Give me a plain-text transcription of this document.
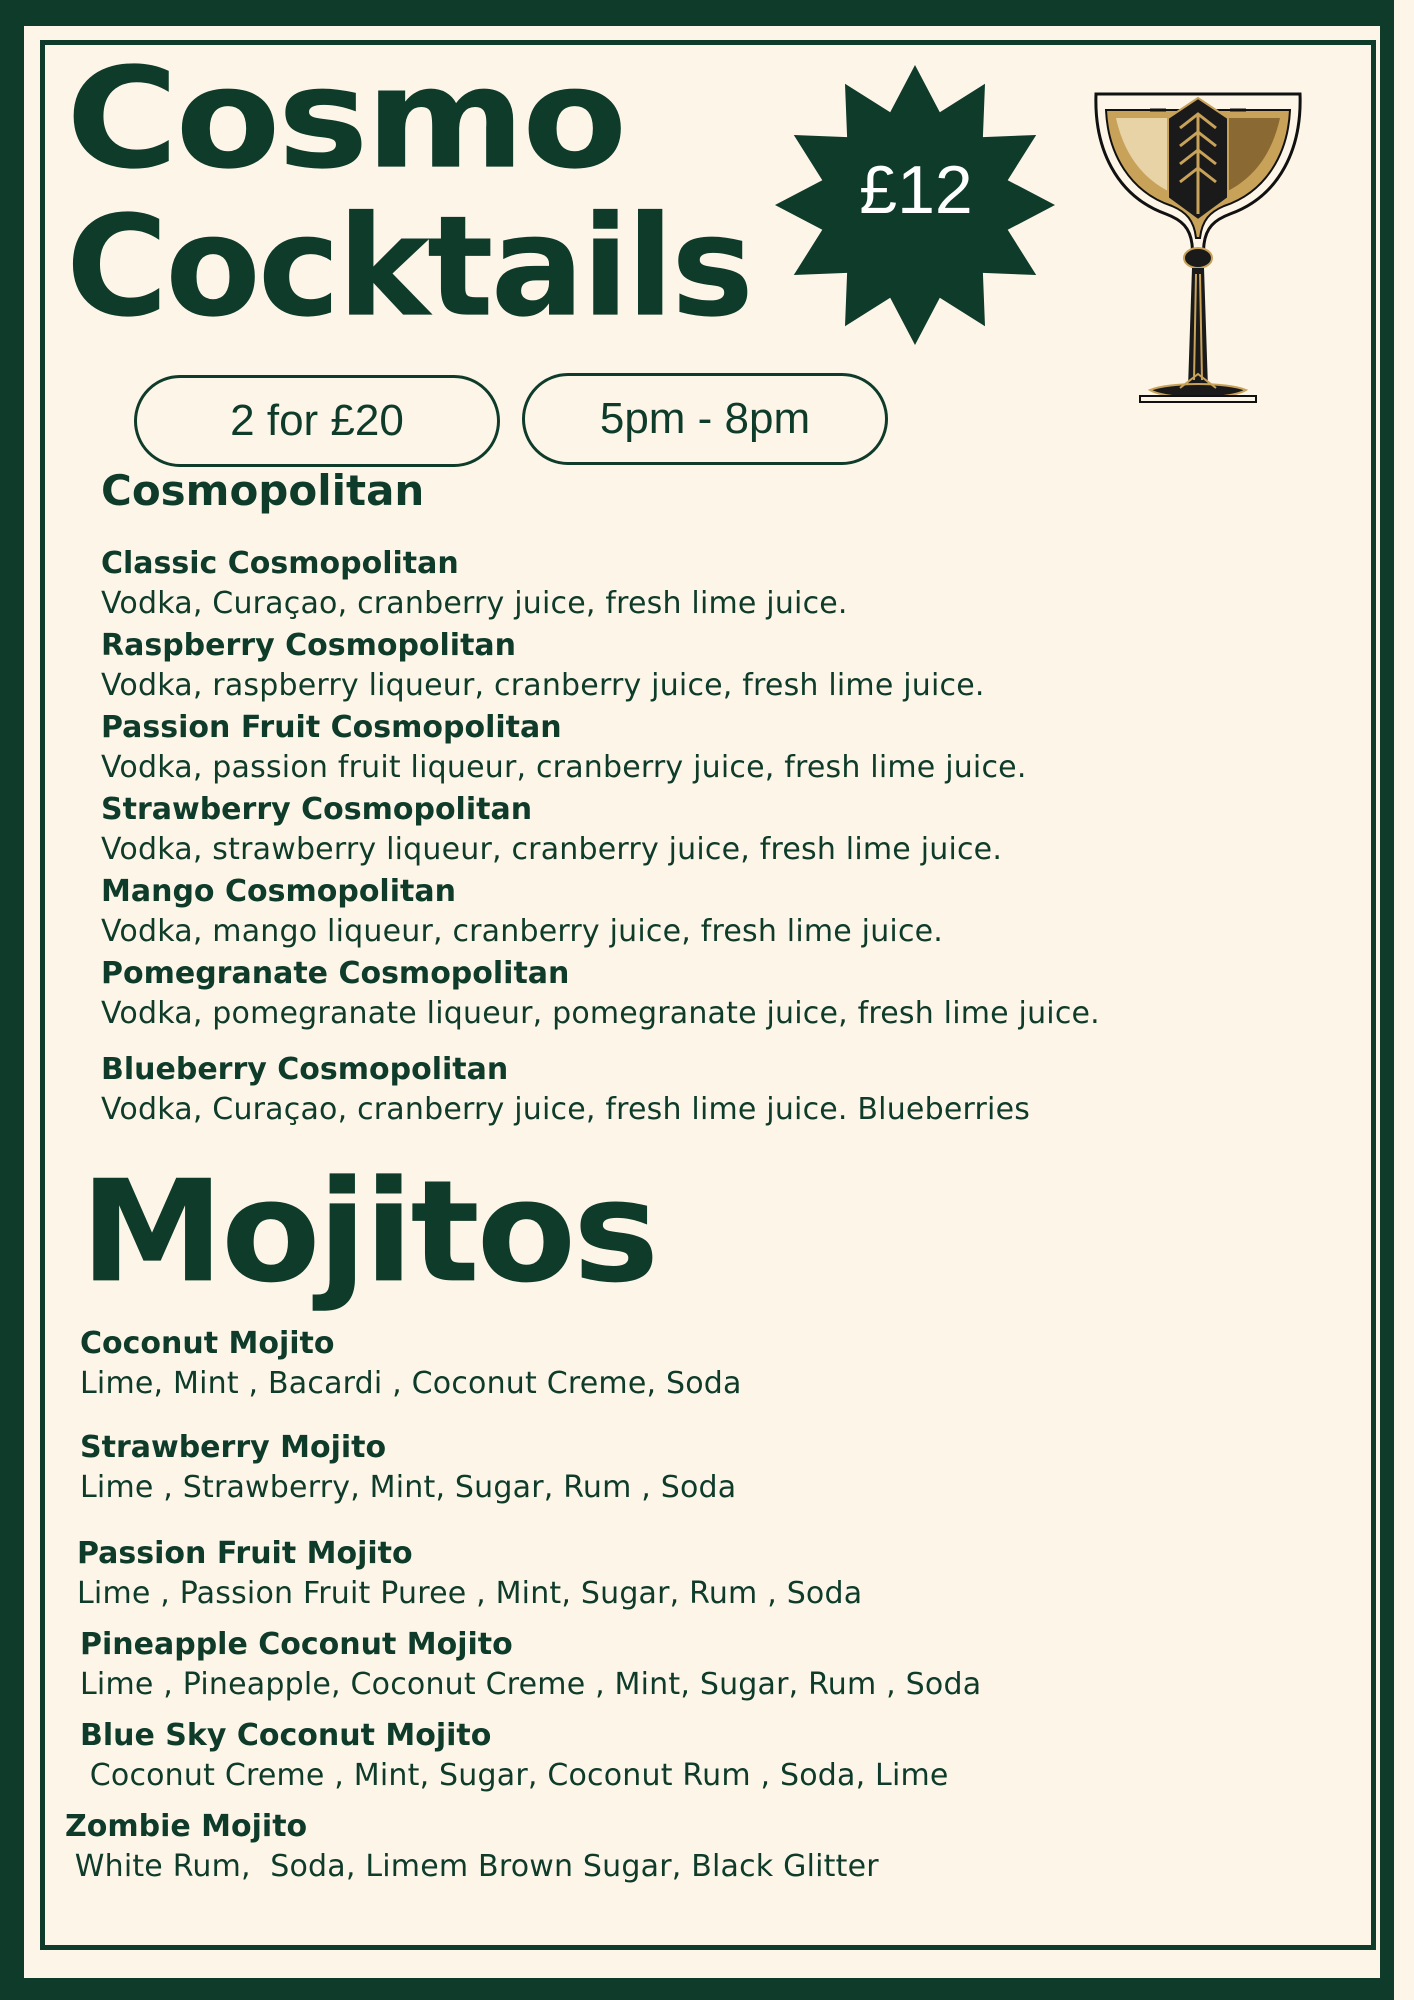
Cosmo
Cocktails £12
2 for £20	5pm - 8pm
Cosmopolitan

Classic Cosmopolitan

Vodka, Curaçao, cranberry juice, fresh lime juice.

Raspberry Cosmopolitan

Vodka, raspberry liqueur, cranberry juice, fresh lime juice.

Passion Fruit Cosmopolitan

Vodka, passion fruit liqueur, cranberry juice, fresh lime juice.

Strawberry Cosmopolitan

Vodka, strawberry liqueur, cranberry juice, fresh lime juice.

Mango Cosmopolitan

Vodka, mango liqueur, cranberry juice, fresh lime juice.

Pomegranate Cosmopolitan

Vodka, pomegranate liqueur, pomegranate juice, fresh lime juice.

Blueberry Cosmopolitan

Vodka, Curaçao, cranberry juice, fresh lime juice. Blueberries

Mojitos

Coconut Mojito

Lime, Mint , Bacardi , Coconut Creme, Soda

Strawberry Mojito

Lime , Strawberry, Mint, Sugar, Rum , Soda

Passion Fruit Mojito

Lime , Passion Fruit Puree , Mint, Sugar, Rum , Soda

Pineapple Coconut Mojito

Lime , Pineapple, Coconut Creme , Mint, Sugar, Rum , Soda

Blue Sky Coconut Mojito

Coconut Creme , Mint, Sugar, Coconut Rum , Soda, Lime

Zombie Mojito

White Rum,  Soda, Limem Brown Sugar, Black Glitter
